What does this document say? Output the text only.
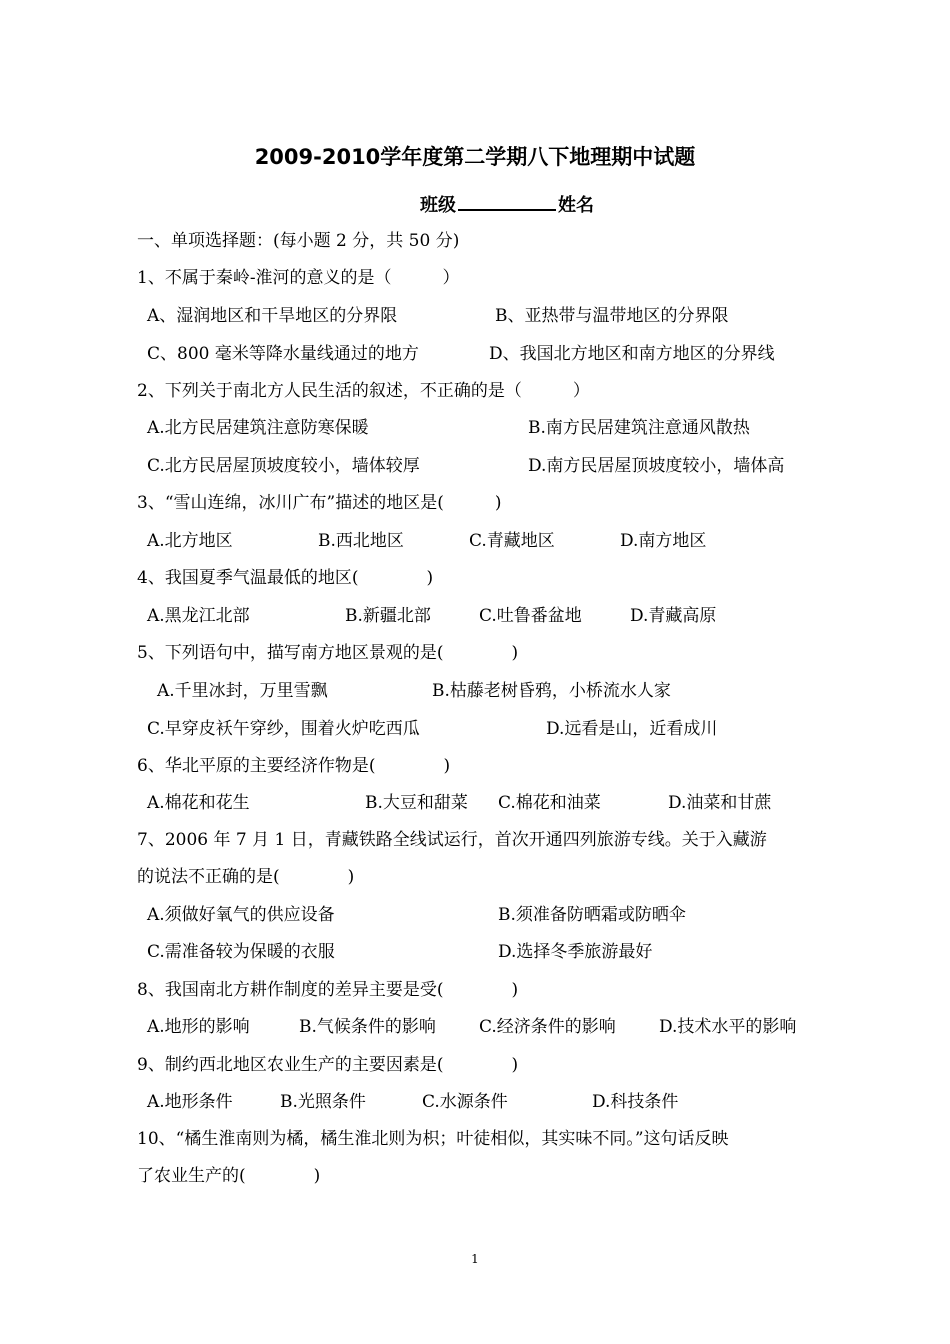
2009-2010学年度第二学期八下地理期中试题
班级	姓名
一、单项选择题：(每小题 2 分，共 50 分)
1、不属于秦岭-淮河的意义的是（　　　）
A、湿润地区和干旱地区的分界限	B、亚热带与温带地区的分界限
C、800 毫米等降水量线通过的地方	D、我国北方地区和南方地区的分界线
2、下列关于南北方人民生活的叙述，不正确的是（　　　）
A.北方民居建筑注意防寒保暖	B.南方民居建筑注意通风散热
C.北方民居屋顶坡度较小，墙体较厚	D.南方民居屋顶坡度较小，墙体高
3、“雪山连绵，冰川广布”描述的地区是(　　　)
A.北方地区	B.西北地区	C.青藏地区	D.南方地区
4、我国夏季气温最低的地区(　　　　)
A.黑龙江北部	B.新疆北部	C.吐鲁番盆地	D.青藏高原
5、下列语句中，描写南方地区景观的是(　　　　)
A.千里冰封，万里雪飘	B.枯藤老树昏鸦，小桥流水人家
C.早穿皮袄午穿纱，围着火炉吃西瓜	D.远看是山，近看成川
6、华北平原的主要经济作物是(　　　　)
A.棉花和花生	B.大豆和甜菜 C.棉花和油菜	D.油菜和甘蔗
7、2006 年 7 月 1 日，青藏铁路全线试运行，首次开通四列旅游专线。关于入藏游
的说法不正确的是(　　　　)
A.须做好氧气的供应设备	B.须准备防晒霜或防晒伞
C.需准备较为保暖的衣服	D.选择冬季旅游最好
8、我国南北方耕作制度的差异主要是受(　　　　)
A.地形的影响	B.气候条件的影响	C.经济条件的影响	D.技术水平的影响
9、制约西北地区农业生产的主要因素是(　　　　)
A.地形条件	B.光照条件	C.水源条件	D.科技条件
10、“橘生淮南则为橘，橘生淮北则为枳；叶徒相似，其实味不同。”这句话反映
了农业生产的(　　　　)
1
